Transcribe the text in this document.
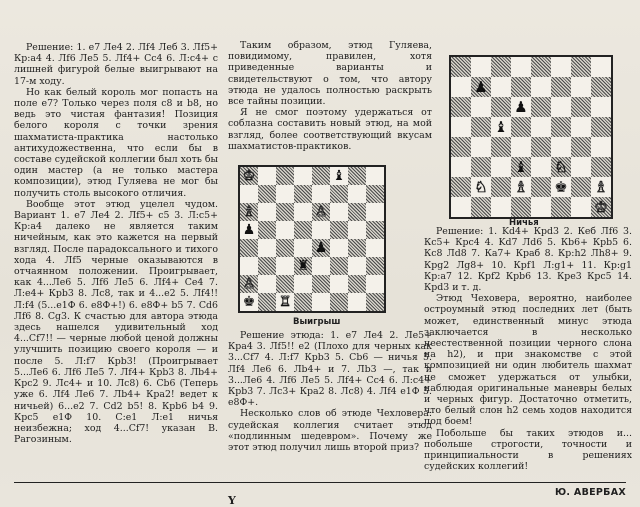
Решение: 1. e7 Ле4 2. Лf4 Леб 3. Лf5+ Кр:а4 4. Лf6 Ле5 5. Лf4+ Сс4 6. Л:с4+ с лишней фигурой белые выигрывают на 17-м ходу.

Но как белый король мог попасть на поле е7? Только через поля с8 и b8, но ведь это чистая фантазия! Позиция белого короля с точки зрения шахматиста-практика настолько антихудожественна, что если бы в составе судейской коллегии был хоть бы один мастер (а не только мастера композиции), этюд Гуляева не мог бы получить столь высокого отличия.

Вообще этот этюд уцелел чудом. Вариант 1. е7 Ле4 2. Лf5+ с5 3. Л:с5+ Кр:а4 далеко не является таким ничейным, как это кажется на первый взгляд. После парадоксального и тихого хода 4. Лf5 черные оказываются в отчаянном положении. Проигрывает, как 4...Ле6 5. Лf6 Ле5 6. Лf4+ Се4 7. Л:е4+ Крb3 8. Лс8, так и 4...е2 5. Лf4!! Л:f4 (5...e1Ф 6. e8Ф+!) 6. e8Ф+ b5 7. Cd6 Лf6 8. Cg3. К счастью для автора этюда здесь нашелся удивительный ход 4...Cf7!! — черные любой ценой должны улучшить позицию своего короля — и после 5. Л:f7 Крb3! (Проигрывает 5...Ле6 6. Лf6 Ле5 7. Лf4+ Крb3 8. Лb4+ Крс2 9. Лс4+ и 10. Лс8) 6. Сb6 (Теперь уже 6. Лf4 Ле6 7. Лb4+ Кра2! ведет к ничьей) 6...е2 7. Cd2 b5! 8. Крb6 b4 9. Крс5 e1Ф 10. С:e1 Л:e1 ничья неизбежна; ход 4...Cf7! указан В. Рагозиным.

Таким образом, этюд Гуляева, повидимому, правилен, хотя приведенные варианты и свидетельствуют о том, что автору этюда не удалось полностью раскрыть все тайны позиции.

Я не смог поэтому удержаться от соблазна составить новый этюд, на мой взгляд, более соответствующий вкусам шахматистов-практиков.

♔	♝
♗	♙
♟
♟
♜
♙
♚ ♖
Выигрыш

Решение этюда: 1. е7 Ле4 2. Ле5+ Кра4 3. Лf5!! е2 (Плохо для черных как 3...Cf7 4. Л:f7 Крb3 5. Сb6 — ничья 5. Лf4 Ле6 6. Лb4+ и 7. Лb3 —, так и 3...Ле6 4. Лf6 Ле5 5. Лf4+ Сс4 6. Л:с4+ Крb3 7. Лс3+ Кра2 8. Лс8) 4. Лf4 e1Ф 5. e8Ф+.

Несколько слов об этюде Чехловера: судейская коллегия считает этюд «подлинным шедевром». Почему же этот этюд получил лишь второй приз?

♟
♟
♝
♝ ♘
♘ ♗ ♚ ♗
♔
Ничья

Решение: 1. Kd4+ Крd3 2. Кеб Лf6 3. Кс5+ Крс4 4. Kd7 Лd6 5. Кb6+ Крb5 6. Кс8 Лd8 7. Ка7+ Краб 8. Кр:h2 Лh8+ 9. Крg2 Лg8+ 10. Крf1 Л:g1+ 11. Кр:g1 Кр:а7 12. Крf2 Крb6 13. Кре3 Крс5 14. Крd3 и т. д.

Этюд Чеховера, вероятно, наиболее остроумный этюд последних лет (быть может, единственный минус этюда заключается в несколько неестественной позиции черного слона на h2), и при знакомстве с этой композицией ни один любитель шахмат не сможет удержаться от улыбки, наблюдая оригинальные маневры белых и черных фигур. Достаточно отметить, что белый слон h2 семь ходов находится под боем!

Побольше бы таких этюдов и... побольше строгости, точности и принципиальности в решениях судейских коллегий!

Y
Ю. АВЕРБАХ
